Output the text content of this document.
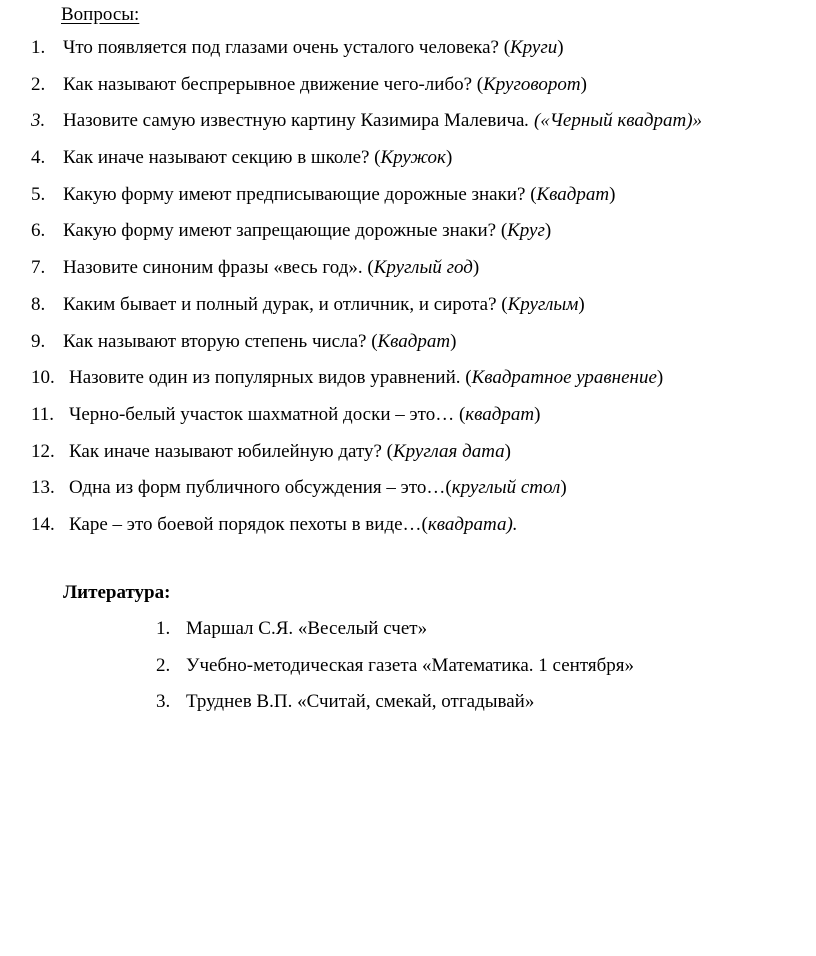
Вопросы:
1. Что появляется под глазами очень усталого человека? (Круги)
2. Как называют беспрерывное движение чего-либо? (Круговорот)
3. Назовите самую известную картину Казимира Малевича. («Черный квадрат)»
4. Как иначе называют секцию в школе? (Кружок)
5. Какую форму имеют предписывающие дорожные знаки? (Квадрат)
6. Какую форму имеют запрещающие дорожные знаки? (Круг)
7. Назовите синоним фразы «весь год». (Круглый год)
8. Каким бывает и полный дурак, и отличник, и сирота? (Круглым)
9. Как называют вторую степень числа? (Квадрат)
10. Назовите один из популярных видов уравнений. (Квадратное уравнение)
11. Черно-белый участок шахматной доски – это… (квадрат)
12. Как иначе называют юбилейную дату? (Круглая дата)
13. Одна из форм публичного обсуждения – это…(круглый стол)
14. Каре – это боевой порядок пехоты в виде…(квадрата).
Литература:
1. Маршал С.Я. «Веселый счет»
2. Учебно-методическая газета «Математика. 1 сентября»
3. Труднев В.П. «Считай, смекай, отгадывай»
